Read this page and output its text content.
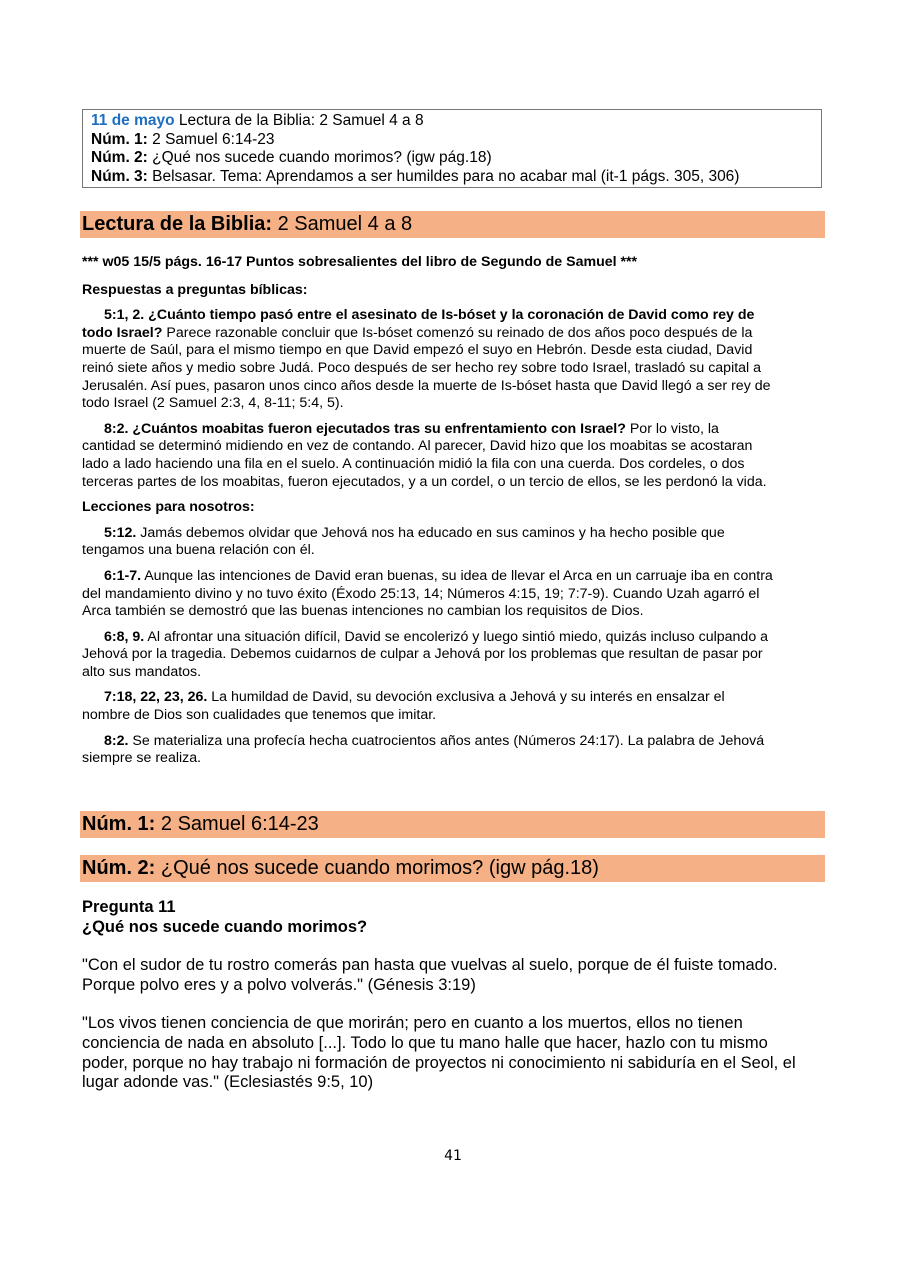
11 de mayo Lectura de la Biblia: 2 Samuel 4 a 8
Núm. 1: 2 Samuel 6:14-23
Núm. 2: ¿Qué nos sucede cuando morimos? (igw pág.18)
Núm. 3: Belsasar. Tema: Aprendamos a ser humildes para no acabar mal (it-1 págs. 305, 306)
Lectura de la Biblia: 2 Samuel 4 a 8

*** w05 15/5 págs. 16-17 Puntos sobresalientes del libro de Segundo de Samuel ***

Respuestas a preguntas bíblicas:

5:1, 2. ¿Cuánto tiempo pasó entre el asesinato de Is-bóset y la coronación de David como rey de
todo Israel? Parece razonable concluir que Is-bóset comenzó su reinado de dos años poco después de la
muerte de Saúl, para el mismo tiempo en que David empezó el suyo en Hebrón. Desde esta ciudad, David
reinó siete años y medio sobre Judá. Poco después de ser hecho rey sobre todo Israel, trasladó su capital a
Jerusalén. Así pues, pasaron unos cinco años desde la muerte de Is-bóset hasta que David llegó a ser rey de
todo Israel (2 Samuel 2:3, 4, 8-11; 5:4, 5).
8:2. ¿Cuántos moabitas fueron ejecutados tras su enfrentamiento con Israel? Por lo visto, la
cantidad se determinó midiendo en vez de contando. Al parecer, David hizo que los moabitas se acostaran
lado a lado haciendo una fila en el suelo. A continuación midió la fila con una cuerda. Dos cordeles, o dos
terceras partes de los moabitas, fueron ejecutados, y a un cordel, o un tercio de ellos, se les perdonó la vida.

Lecciones para nosotros:

5:12. Jamás debemos olvidar que Jehová nos ha educado en sus caminos y ha hecho posible que
tengamos una buena relación con él.
6:1-7. Aunque las intenciones de David eran buenas, su idea de llevar el Arca en un carruaje iba en contra
del mandamiento divino y no tuvo éxito (Éxodo 25:13, 14; Números 4:15, 19; 7:7-9). Cuando Uzah agarró el
Arca también se demostró que las buenas intenciones no cambian los requisitos de Dios.
6:8, 9. Al afrontar una situación difícil, David se encolerizó y luego sintió miedo, quizás incluso culpando a
Jehová por la tragedia. Debemos cuidarnos de culpar a Jehová por los problemas que resultan de pasar por
alto sus mandatos.
7:18, 22, 23, 26. La humildad de David, su devoción exclusiva a Jehová y su interés en ensalzar el
nombre de Dios son cualidades que tenemos que imitar.
8:2. Se materializa una profecía hecha cuatrocientos años antes (Números 24:17). La palabra de Jehová
siempre se realiza.
Núm. 1: 2 Samuel 6:14-23
Núm. 2: ¿Qué nos sucede cuando morimos? (igw pág.18)

Pregunta 11

¿Qué nos sucede cuando morimos?

"Con el sudor de tu rostro comerás pan hasta que vuelvas al suelo, porque de él fuiste tomado.
Porque polvo eres y a polvo volverás." (Génesis 3:19)
"Los vivos tienen conciencia de que morirán; pero en cuanto a los muertos, ellos no tienen
conciencia de nada en absoluto [...]. Todo lo que tu mano halle que hacer, hazlo con tu mismo
poder, porque no hay trabajo ni formación de proyectos ni conocimiento ni sabiduría en el Seol, el
lugar adonde vas." (Eclesiastés 9:5, 10)
41
